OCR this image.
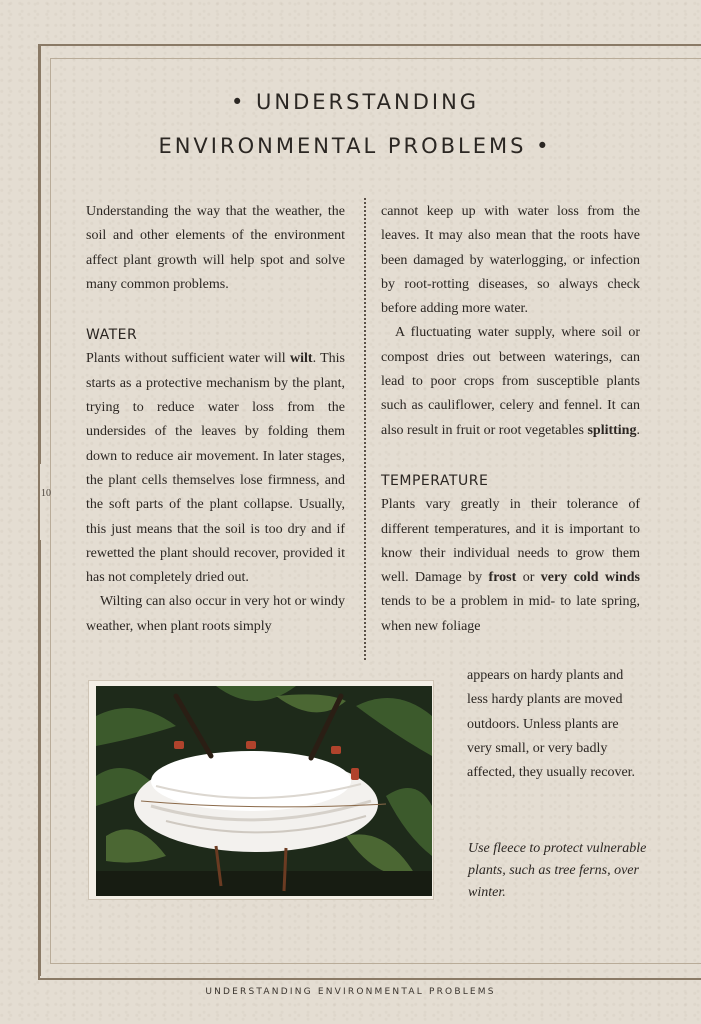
10
• UNDERSTANDING
ENVIRONMENTAL PROBLEMS •

Understanding the way that the weather, the soil and other elements of the environment affect plant growth will help spot and solve many common problems.

WATER

Plants without sufficient water will wilt. This starts as a protective mechanism by the plant, trying to reduce water loss from the undersides of the leaves by folding them down to reduce air movement. In later stages, the plant cells themselves lose firmness, and the soft parts of the plant collapse. Usually, this just means that the soil is too dry and if rewetted the plant should recover, provided it has not completely dried out.

Wilting can also occur in very hot or windy weather, when plant roots simply

cannot keep up with water loss from the leaves. It may also mean that the roots have been damaged by waterlogging, or infection by root-rotting diseases, so always check before adding more water.

A fluctuating water supply, where soil or compost dries out between waterings, can lead to poor crops from susceptible plants such as cauliflower, celery and fennel. It can also result in fruit or root vegetables splitting.

TEMPERATURE

Plants vary greatly in their tolerance of different temperatures, and it is important to know their individual needs to grow them well. Damage by frost or very cold winds tends to be a problem in mid- to late spring, when new foliage

appears on hardy plants and less hardy plants are moved outdoors. Unless plants are very small, or very badly affected, they usually recover.
Use fleece to protect vulnerable plants, such as tree ferns, over winter.
UNDERSTANDING ENVIRONMENTAL PROBLEMS
